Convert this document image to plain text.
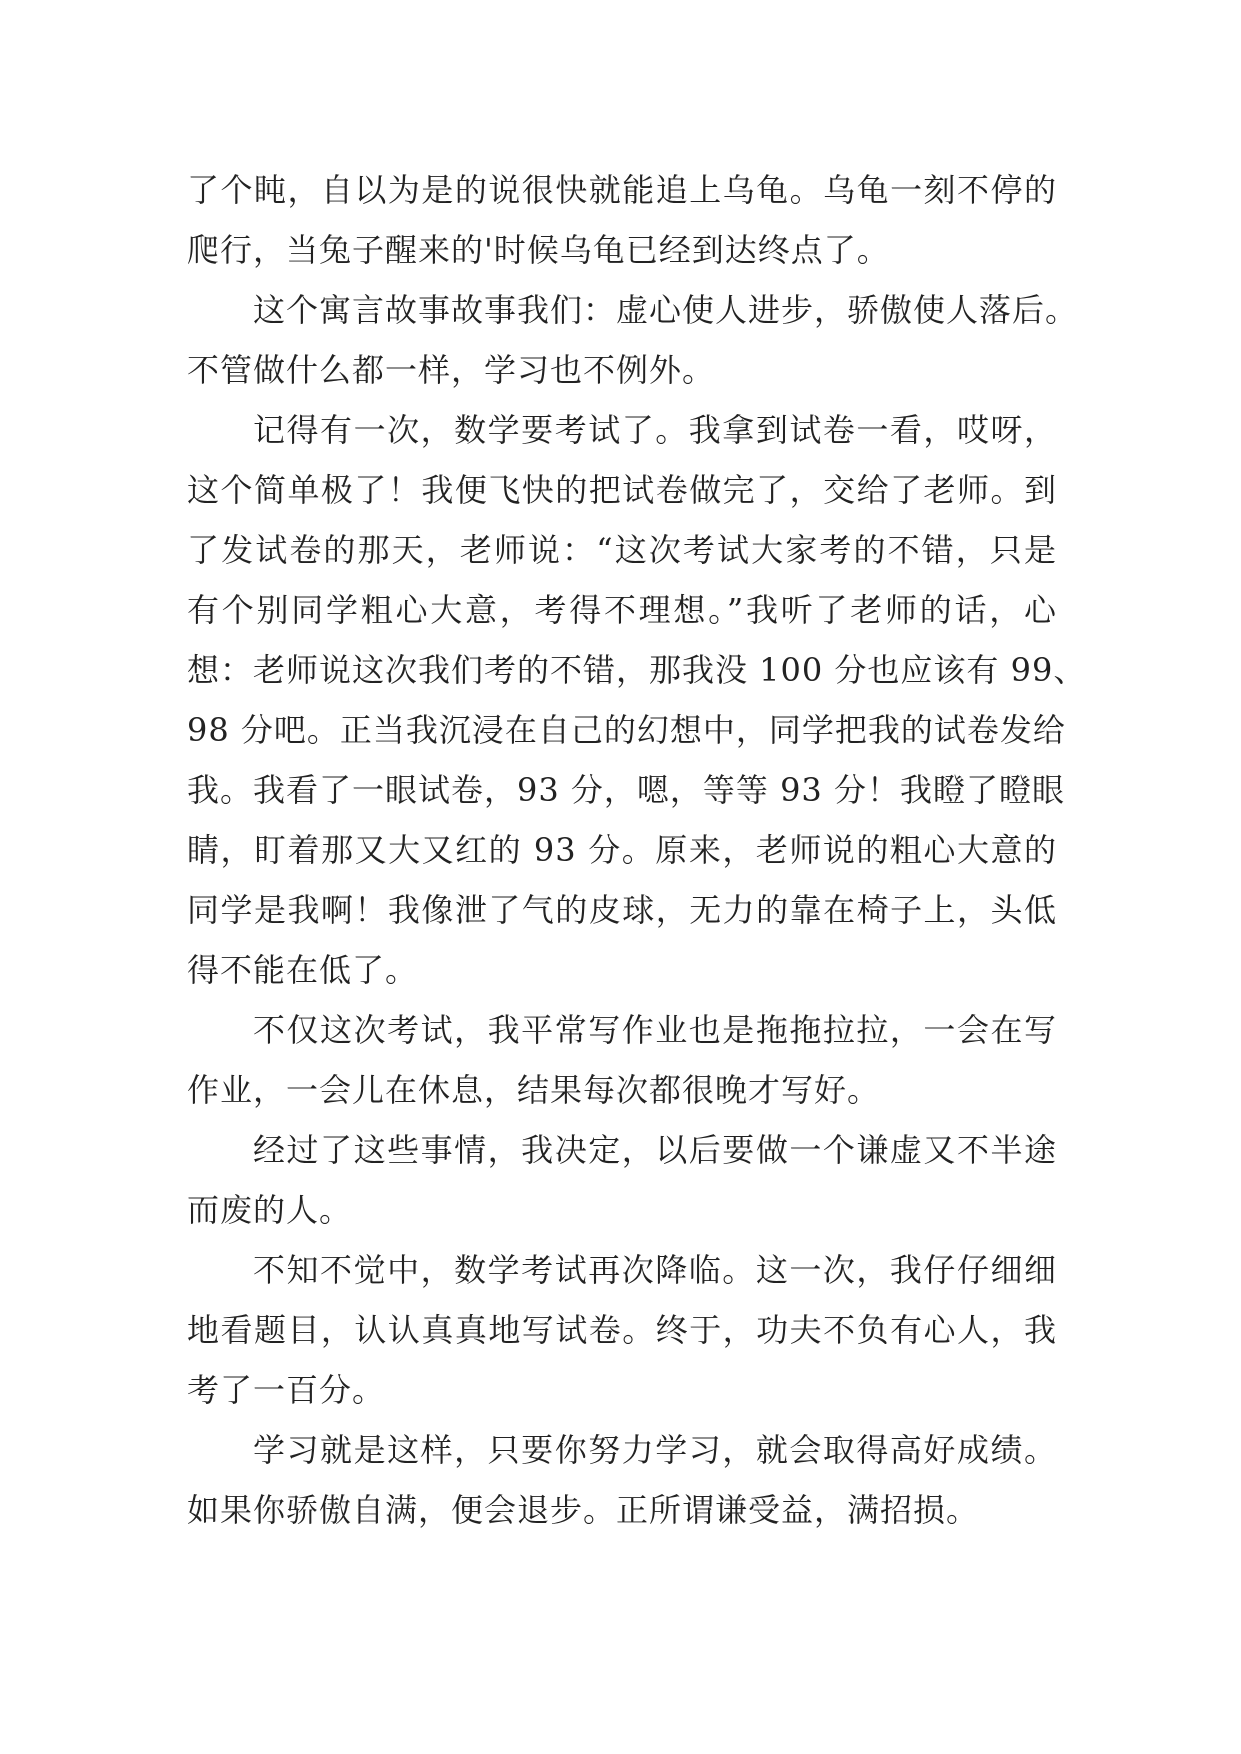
了个盹，自以为是的说很快就能追上乌龟。乌龟一刻不停的
爬行，当兔子醒来的'时候乌龟已经到达终点了。
这个寓言故事故事我们：虚心使人进步，骄傲使人落后。
不管做什么都一样，学习也不例外。
记得有一次，数学要考试了。我拿到试卷一看，哎呀，
这个简单极了！我便飞快的把试卷做完了，交给了老师。到
了发试卷的那天，老师说：“这次考试大家考的不错，只是
有个别同学粗心大意，考得不理想。”我听了老师的话，心
想：老师说这次我们考的不错，那我没 100 分也应该有 99、
98 分吧。正当我沉浸在自己的幻想中，同学把我的试卷发给
我。我看了一眼试卷，93 分，嗯，等等 93 分！我瞪了瞪眼
睛，盯着那又大又红的 93 分。原来，老师说的粗心大意的
同学是我啊！我像泄了气的皮球，无力的靠在椅子上，头低
得不能在低了。
不仅这次考试，我平常写作业也是拖拖拉拉，一会在写
作业，一会儿在休息，结果每次都很晚才写好。
经过了这些事情，我决定，以后要做一个谦虚又不半途
而废的人。
不知不觉中，数学考试再次降临。这一次，我仔仔细细
地看题目，认认真真地写试卷。终于，功夫不负有心人，我
考了一百分。
学习就是这样，只要你努力学习，就会取得高好成绩。
如果你骄傲自满，便会退步。正所谓谦受益，满招损。
